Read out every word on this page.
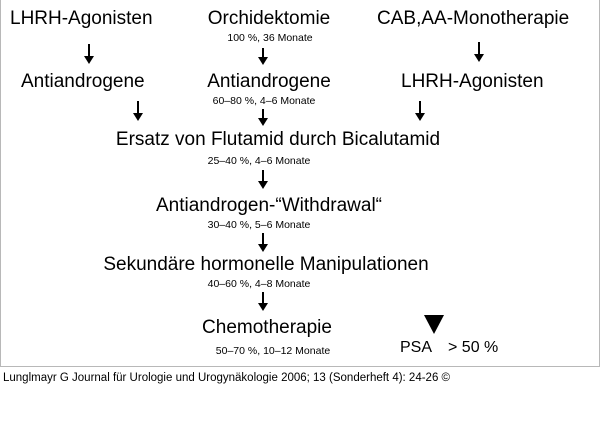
LHRH-Agonisten	Orchidektomie
100 %, 36 Monate
CAB,AA-Monotherapie
Antiandrogene	Antiandrogene
60–80 %, 4–6 Monate
LHRH-Agonisten
Ersatz von Flutamid durch Bicalutamid
25–40 %, 4–6 Monate
Antiandrogen-“Withdrawal“
30–40 %, 5–6 Monate
Sekundäre hormonelle Manipulationen
40–60 %, 4–8 Monate
Chemotherapie
50–70 %, 10–12 Monate	PSA > 50 %
Lunglmayr G Journal für Urologie und Urogynäkologie 2006; 13 (Sonderheft 4): 24-26 ©
